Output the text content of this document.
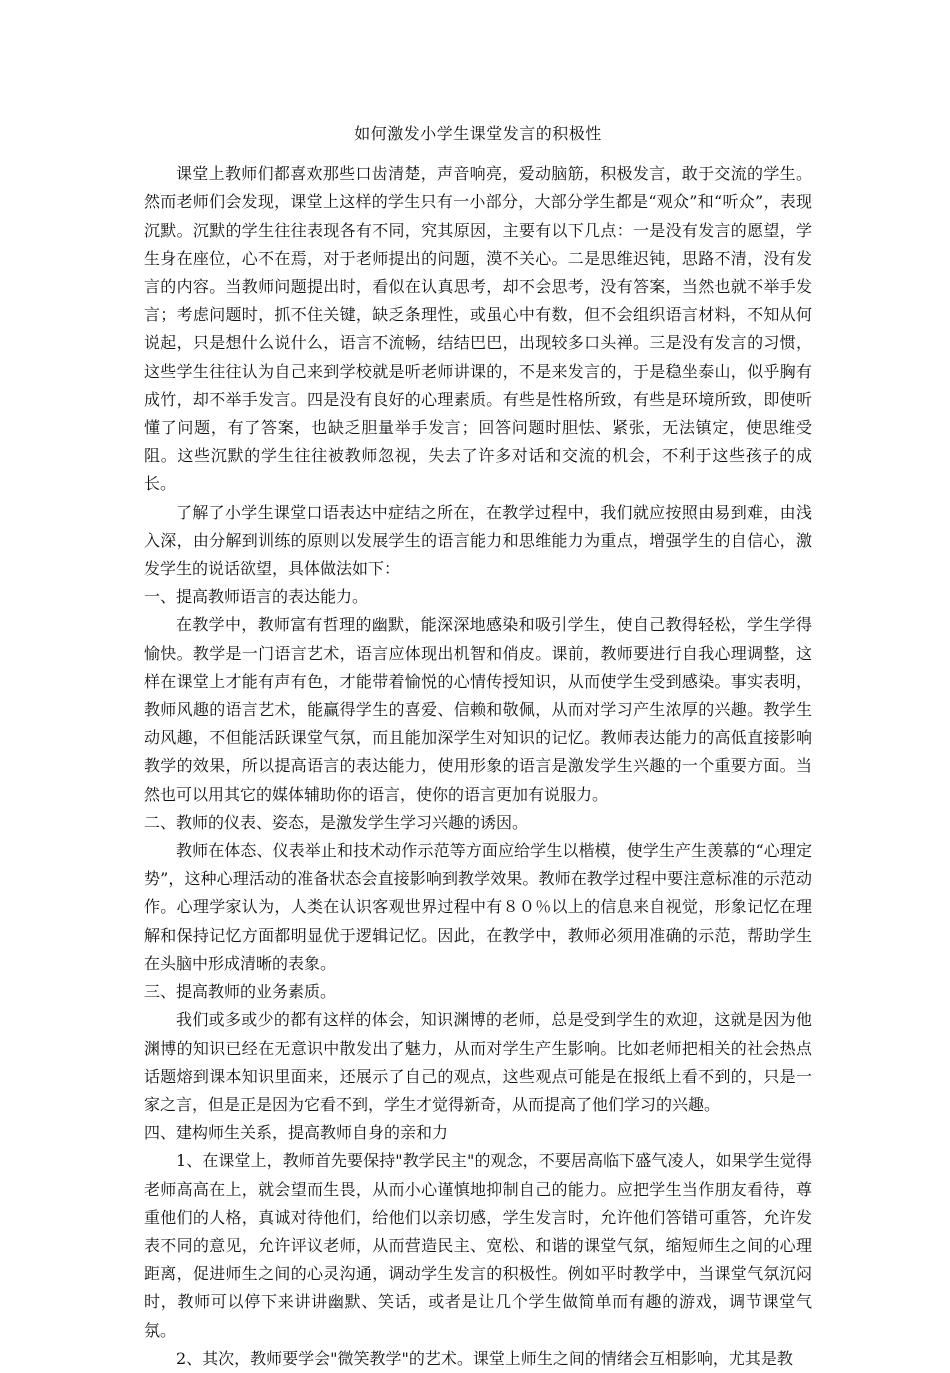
如何激发小学生课堂发言的积极性

课堂上教师们都喜欢那些口齿清楚，声音响亮，爱动脑筋，积极发言，敢于交流的学生。然而老师们会发现，课堂上这样的学生只有一小部分，大部分学生都是“观众”和“听众”，表现沉默。沉默的学生往往表现各有不同，究其原因，主要有以下几点：一是没有发言的愿望，学生身在座位，心不在焉，对于老师提出的问题，漠不关心。二是思维迟钝，思路不清，没有发言的内容。当教师问题提出时，看似在认真思考，却不会思考，没有答案，当然也就不举手发言；考虑问题时，抓不住关键，缺乏条理性，或虽心中有数，但不会组织语言材料，不知从何说起，只是想什么说什么，语言不流畅，结结巴巴，出现较多口头禅。三是没有发言的习惯，这些学生往往认为自己来到学校就是听老师讲课的，不是来发言的，于是稳坐泰山，似乎胸有成竹，却不举手发言。四是没有良好的心理素质。有些是性格所致，有些是环境所致，即使听懂了问题，有了答案，也缺乏胆量举手发言；回答问题时胆怯、紧张，无法镇定，使思维受阻。这些沉默的学生往往被教师忽视，失去了许多对话和交流的机会，不利于这些孩子的成长。

了解了小学生课堂口语表达中症结之所在，在教学过程中，我们就应按照由易到难，由浅入深，由分解到训练的原则以发展学生的语言能力和思维能力为重点，增强学生的自信心，激发学生的说话欲望，具体做法如下：

一、提高教师语言的表达能力。

在教学中，教师富有哲理的幽默，能深深地感染和吸引学生，使自己教得轻松，学生学得愉快。教学是一门语言艺术，语言应体现出机智和俏皮。课前，教师要进行自我心理调整，这样在课堂上才能有声有色，才能带着愉悦的心情传授知识，从而使学生受到感染。事实表明，教师风趣的语言艺术，能赢得学生的喜爱、信赖和敬佩，从而对学习产生浓厚的兴趣。教学生动风趣，不但能活跃课堂气氛，而且能加深学生对知识的记忆。教师表达能力的高低直接影响教学的效果，所以提高语言的表达能力，使用形象的语言是激发学生兴趣的一个重要方面。当然也可以用其它的媒体辅助你的语言，使你的语言更加有说服力。

二、教师的仪表、姿态，是激发学生学习兴趣的诱因。

教师在体态、仪表举止和技术动作示范等方面应给学生以楷模，使学生产生羡慕的“心理定势”，这种心理活动的准备状态会直接影响到教学效果。教师在教学过程中要注意标准的示范动作。心理学家认为，人类在认识客观世界过程中有８０％以上的信息来自视觉，形象记忆在理解和保持记忆方面都明显优于逻辑记忆。因此，在教学中，教师必须用准确的示范，帮助学生在头脑中形成清晰的表象。

三、提高教师的业务素质。

我们或多或少的都有这样的体会，知识渊博的老师，总是受到学生的欢迎，这就是因为他渊博的知识已经在无意识中散发出了魅力，从而对学生产生影响。比如老师把相关的社会热点话题熔到课本知识里面来，还展示了自己的观点，这些观点可能是在报纸上看不到的，只是一家之言，但是正是因为它看不到，学生才觉得新奇，从而提高了他们学习的兴趣。

四、建构师生关系，提高教师自身的亲和力

1、在课堂上，教师首先要保持"教学民主"的观念，不要居高临下盛气凌人，如果学生觉得老师高高在上，就会望而生畏，从而小心谨慎地抑制自己的能力。应把学生当作朋友看待，尊重他们的人格，真诚对待他们，给他们以亲切感，学生发言时，允许他们答错可重答，允许发表不同的意见，允许评议老师，从而营造民主、宽松、和谐的课堂气氛，缩短师生之间的心理距离，促进师生之间的心灵沟通，调动学生发言的积极性。例如平时教学中，当课堂气氛沉闷时，教师可以停下来讲讲幽默、笑话，或者是让几个学生做简单而有趣的游戏，调节课堂气氛。

2、其次，教师要学会"微笑教学"的艺术。课堂上师生之间的情绪会互相影响，尤其是教
